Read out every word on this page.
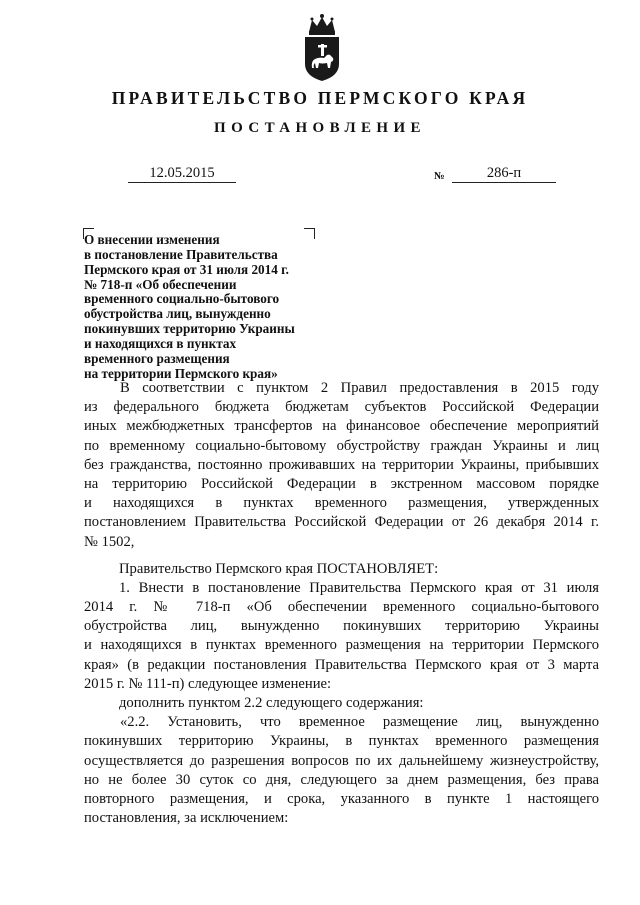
ПРАВИТЕЛЬСТВО ПЕРМСКОГО КРАЯ
ПОСТАНОВЛЕНИЕ
12.05.2015	№	286-п
О внесении изменения
в постановление Правительства
Пермского края от 31 июля 2014 г.
№ 718-п «Об обеспечении
временного социально-бытового
обустройства лиц, вынужденно
покинувших территорию Украины
и находящихся в пунктах
временного размещения
на территории Пермского края»
В соответствии с пунктом 2 Правил предоставления в 2015 году
из федерального бюджета бюджетам субъектов Российской Федерации
иных межбюджетных трансфертов на финансовое обеспечение мероприятий
по временному социально-бытовому обустройству граждан Украины и лиц
без гражданства, постоянно проживавших на территории Украины, прибывших
на территорию Российской Федерации в экстренном массовом порядке
и находящихся в пунктах временного размещения, утвержденных
постановлением Правительства Российской Федерации от 26 декабря 2014 г.
№ 1502,
Правительство Пермского края ПОСТАНОВЛЯЕТ:
1. Внести в постановление Правительства Пермского края от 31 июля
2014 г. № 718-п «Об обеспечении временного социально-бытового
обустройства лиц, вынужденно покинувших территорию Украины
и находящихся в пунктах временного размещения на территории Пермского
края» (в редакции постановления Правительства Пермского края от 3 марта
2015 г. № 111-п) следующее изменение:
дополнить пунктом 2.2 следующего содержания:
«2.2. Установить, что временное размещение лиц, вынужденно
покинувших территорию Украины, в пунктах временного размещения
осуществляется до разрешения вопросов по их дальнейшему жизнеустройству,
но не более 30 суток со дня, следующего за днем размещения, без права
повторного размещения, и срока, указанного в пункте 1 настоящего
постановления, за исключением:
